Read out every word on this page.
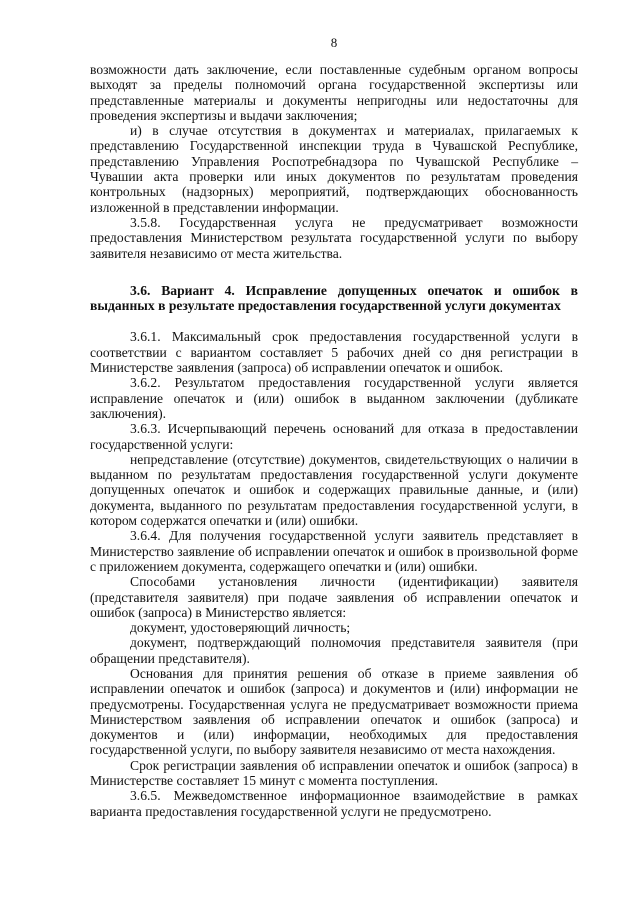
8

возможности дать заключение, если поставленные судебным органом вопросы выходят за пределы полномочий органа государственной экспертизы или представленные материалы и документы непригодны или недостаточны для проведения экспертизы и выдачи заключения;

и) в случае отсутствия в документах и материалах, прилагаемых к представлению Государственной инспекции труда в Чувашской Республике, представлению Управления Роспотребнадзора по Чувашской Республике – Чувашии акта проверки или иных документов по результатам проведения контрольных (надзорных) мероприятий, подтверждающих обоснованность изложенной в представлении информации.

3.5.8. Государственная услуга не предусматривает возможности предоставления Министерством результата государственной услуги по выбору заявителя независимо от места жительства.

3.6. Вариант 4. Исправление допущенных опечаток и ошибок в выданных в результате предоставления государственной услуги документах

3.6.1. Максимальный срок предоставления государственной услуги в соответствии с вариантом составляет 5 рабочих дней со дня регистрации в Министерстве заявления (запроса) об исправлении опечаток и ошибок.

3.6.2. Результатом предоставления государственной услуги является исправление опечаток и (или) ошибок в выданном заключении (дубликате заключения).

3.6.3. Исчерпывающий перечень оснований для отказа в предоставлении государственной услуги:

непредставление (отсутствие) документов, свидетельствующих о наличии в выданном по результатам предоставления государственной услуги документе допущенных опечаток и ошибок и содержащих правильные данные, и (или) документа, выданного по результатам предоставления государственной услуги, в котором содержатся опечатки и (или) ошибки.

3.6.4. Для получения государственной услуги заявитель представляет в Министерство заявление об исправлении опечаток и ошибок в произвольной форме с приложением документа, содержащего опечатки и (или) ошибки.

Способами установления личности (идентификации) заявителя (представителя заявителя) при подаче заявления об исправлении опечаток и ошибок (запроса) в Министерство является:

документ, удостоверяющий личность;

документ, подтверждающий полномочия представителя заявителя (при обращении представителя).

Основания для принятия решения об отказе в приеме заявления об исправлении опечаток и ошибок (запроса) и документов и (или) информации не предусмотрены. Государственная услуга не предусматривает возможности приема Министерством заявления об исправлении опечаток и ошибок (запроса) и документов и (или) информации, необходимых для предоставления государственной услуги, по выбору заявителя независимо от места нахождения.

Срок регистрации заявления об исправлении опечаток и ошибок (запроса) в Министерстве составляет 15 минут с момента поступления.

3.6.5. Межведомственное информационное взаимодействие в рамках варианта предоставления государственной услуги не предусмотрено.
